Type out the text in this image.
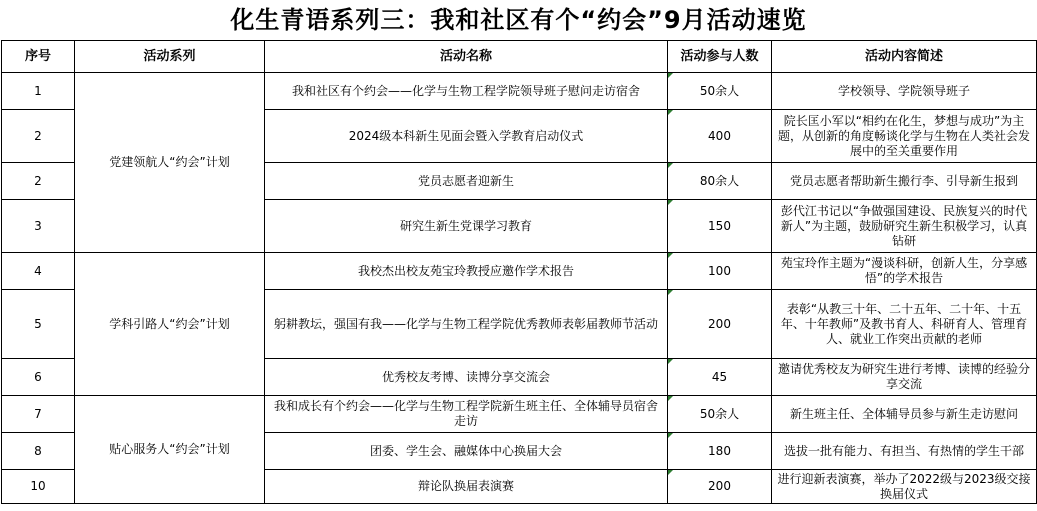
化生青语系列三：我和社区有个“约会”9月活动速览
序号	活动系列	活动名称	活动参与人数	活动内容简述
1	党建领航人“约会”计划	我和社区有个约会——化学与生物工程学院领导班子慰问走访宿舍	50余人	学校领导、学院领导班子
2		2024级本科新生见面会暨入学教育启动仪式	400	院长匡小军以“相约在化生，梦想与成功”为主题，从创新的角度畅谈化学与生物在人类社会发展中的至关重要作用
2		党员志愿者迎新生	80余人	党员志愿者帮助新生搬行李、引导新生报到
3		研究生新生党课学习教育	150	彭代江书记以“争做强国建设、民族复兴的时代新人”为主题，鼓励研究生新生积极学习，认真钻研
4	学科引路人“约会”计划	我校杰出校友苑宝玲教授应邀作学术报告	100	苑宝玲作主题为“漫谈科研，创新人生，分享感悟”的学术报告
5		躬耕教坛，强国有我——化学与生物工程学院优秀教师表彰届教师节活动	200	表彰“从教三十年、二十五年、二十年、十五年、十年教师”及教书育人、科研育人、管理育人、就业工作突出贡献的老师
6		优秀校友考博、读博分享交流会	45	邀请优秀校友为研究生进行考博、读博的经验分享交流
7	贴心服务人“约会”计划	我和成长有个约会——化学与生物工程学院新生班主任、全体辅导员宿舍走访	50余人	新生班主任、全体辅导员参与新生走访慰问
8		团委、学生会、融媒体中心换届大会	180	选拔一批有能力、有担当、有热情的学生干部
10		辩论队换届表演赛	200	进行迎新表演赛，举办了2022级与2023级交接换届仪式
